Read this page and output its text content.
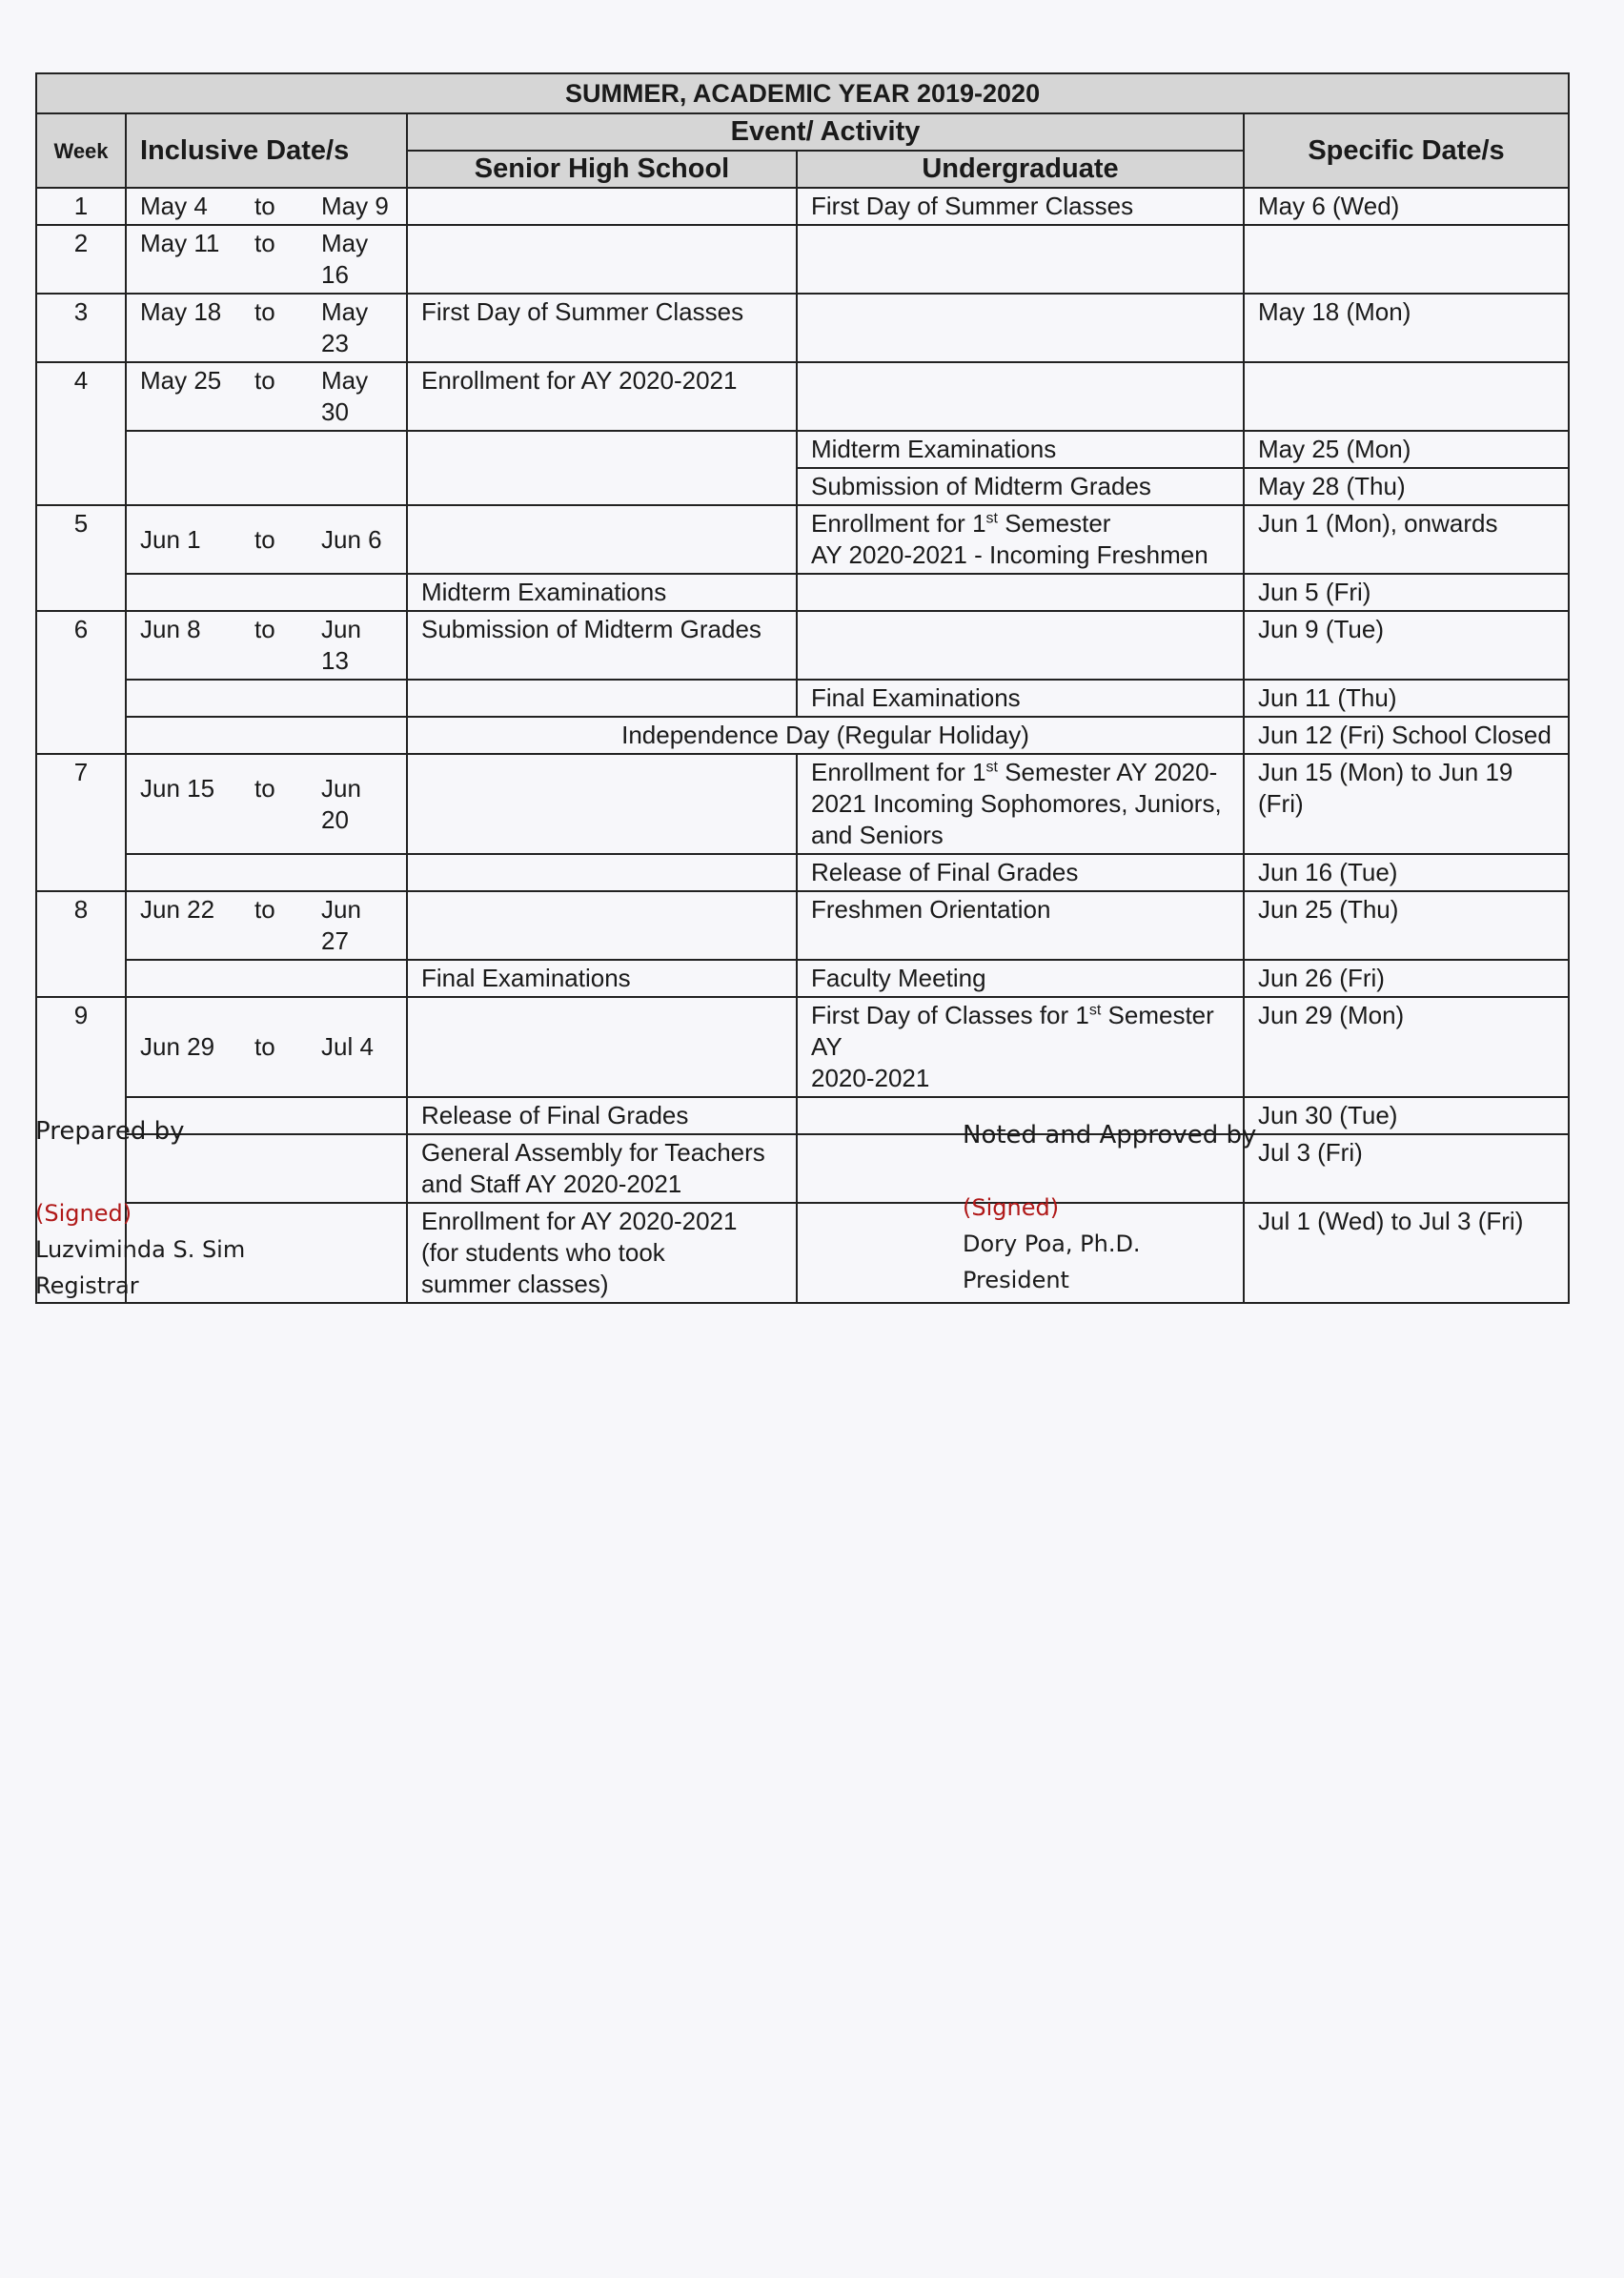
SUMMER, ACADEMIC YEAR 2019-2020				
Week	Inclusive Date/s	Event/ Activity		Specific Date/s
		Senior High School	Undergraduate	
1	May 4 to May 9		First Day of Summer Classes	May 6 (Wed)
2	May 11 to May 16			

3	May 18 to May 23	First Day of Summer Classes		May 18 (Mon)
4	May 25 to May 30	Enrollment for AY 2020-2021		
			Midterm Examinations	May 25 (Mon)
			Submission of Midterm Grades	May 28 (Thu)
5	Jun 1 to Jun 6		Enrollment for 1st Semester
AY 2020-2021 - Incoming Freshmen	Jun 1 (Mon), onwards
		Midterm Examinations		Jun 5 (Fri)
6	Jun 8 to Jun 13	Submission of Midterm Grades		Jun 9 (Tue)
			Final Examinations	Jun 11 (Thu)
		Independence Day (Regular Holiday)		Jun 12 (Fri) School Closed
7	Jun 15 to Jun 20		Enrollment for 1st Semester AY 2020-
2021 Incoming Sophomores, Juniors,
and Seniors	Jun 15 (Mon) to Jun 19 (Fri)
			Release of Final Grades	Jun 16 (Tue)
8	Jun 22 to Jun 27		Freshmen Orientation	Jun 25 (Thu)
		Final Examinations	Faculty Meeting	Jun 26 (Fri)
9	Jun 29 to Jul 4		First Day of Classes for 1st Semester AY
2020-2021	Jun 29 (Mon)
		Release of Final Grades		Jun 30 (Tue)
		General Assembly for Teachers
and Staff AY 2020-2021		Jul 3 (Fri)
		Enrollment for AY 2020-2021
(for students who took
summer classes)		Jul 1 (Wed) to Jul 3 (Fri)
Prepared by
(Signed)
Luzviminda S. Sim
Registrar
Noted and Approved by
(Signed)
Dory Poa, Ph.D.
President
